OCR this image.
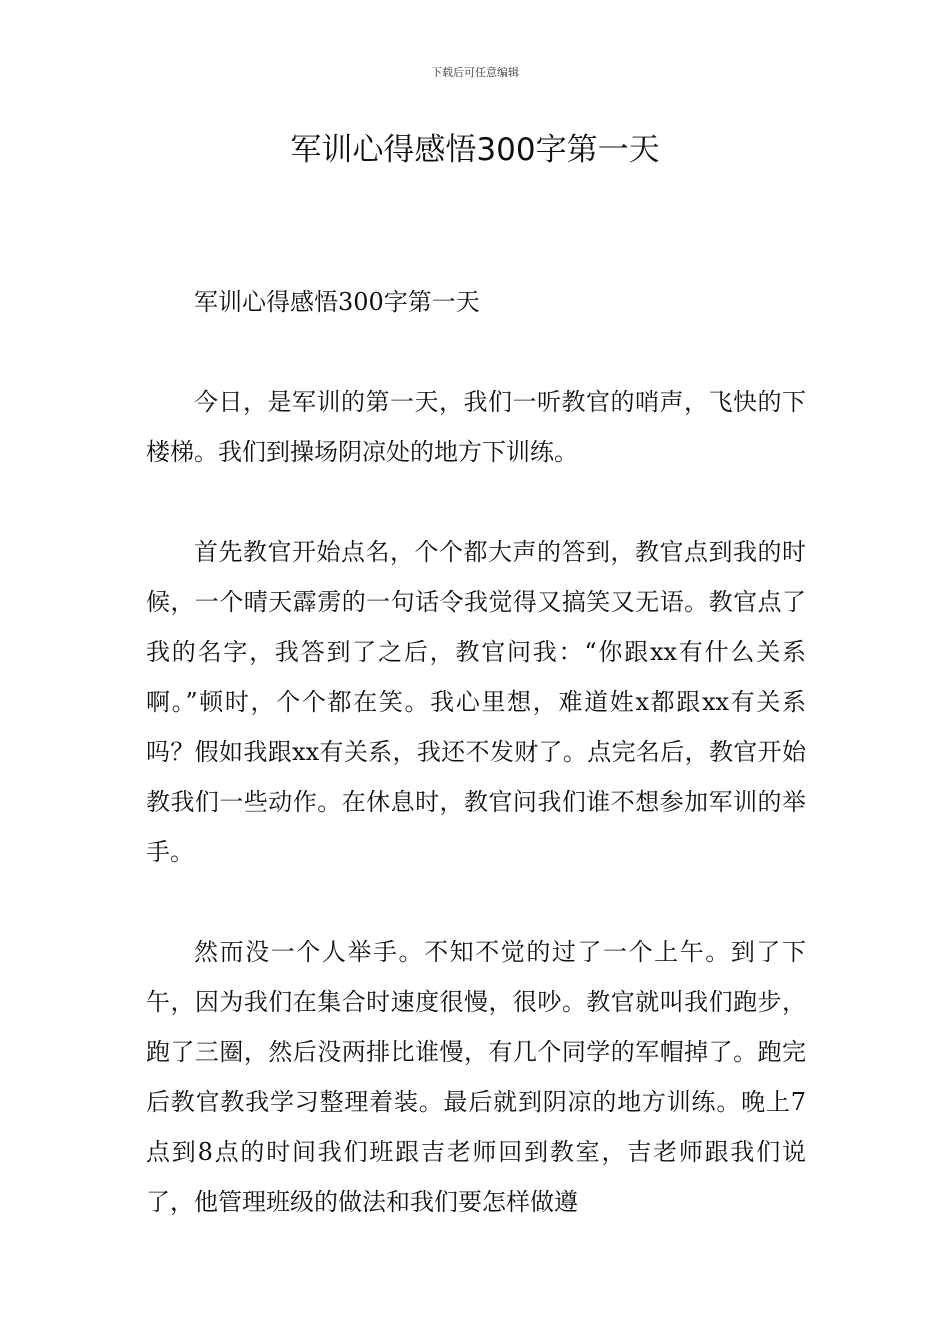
下载后可任意编辑
军训心得感悟300字第一天

军训心得感悟300字第一天

今日，是军训的第一天，我们一听教官的哨声，飞快的下楼梯。我们到操场阴凉处的地方下训练。

首先教官开始点名，个个都大声的答到，教官点到我的时候，一个晴天霹雳的一句话令我觉得又搞笑又无语。教官点了我的名字，我答到了之后，教官问我：“你跟xx有什么关系啊。”顿时，个个都在笑。我心里想，难道姓x都跟xx有关系吗？假如我跟xx有关系，我还不发财了。点完名后，教官开始教我们一些动作。在休息时，教官问我们谁不想参加军训的举手。

然而没一个人举手。不知不觉的过了一个上午。到了下午，因为我们在集合时速度很慢，很吵。教官就叫我们跑步，跑了三圈，然后没两排比谁慢，有几个同学的军帽掉了。跑完后教官教我学习整理着装。最后就到阴凉的地方训练。晚上7点到8点的时间我们班跟吉老师回到教室，吉老师跟我们说了，他管理班级的做法和我们要怎样做遵
